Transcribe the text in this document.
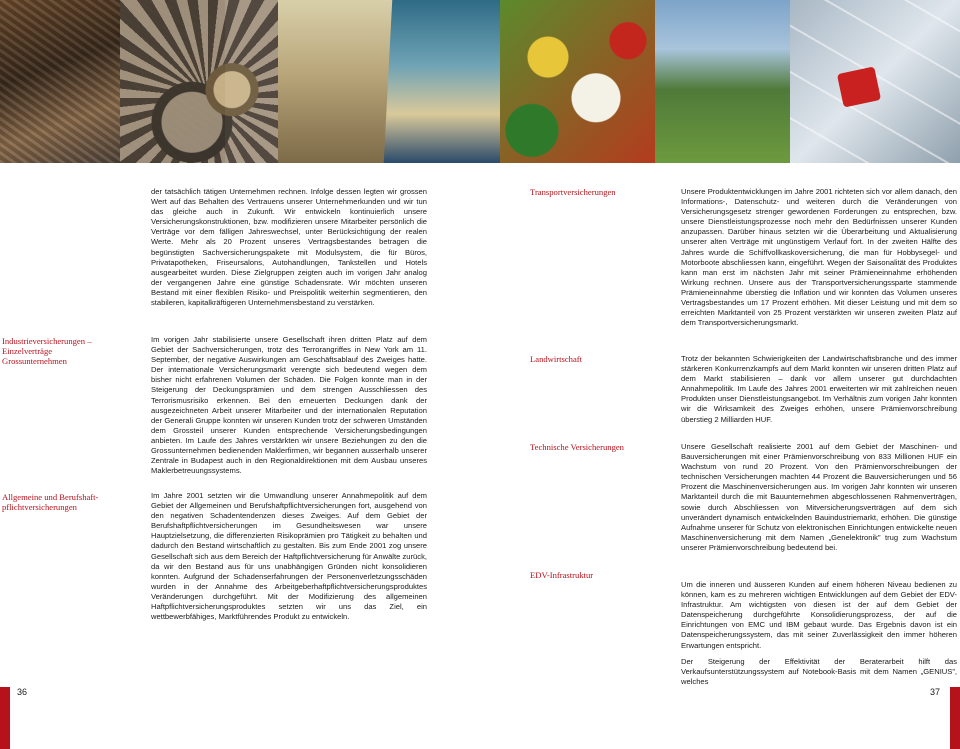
Industrieversicherungen – Einzelverträge Grossunternehmen

Allgemeine und Berufshaft-pflichtversicherungen

der tatsächlich tätigen Unternehmen rechnen. Infolge dessen legten wir grossen Wert auf das Behalten des Vertrauens unserer Unternehmerkunden und wir tun das gleiche auch in Zukunft. Wir entwickeln kontinuierlich unsere Versicherungskonstruktionen, bzw. modifizieren unsere Mitarbeiter persönlich die Verträge vor dem fälligen Jahreswechsel, unter Berücksichtigung der realen Werte. Mehr als 20 Prozent unseres Vertragsbestandes betragen die begünstigten Sachversicherungspakete mit Modulsystem, die für Büros, Privatapotheken, Friseursalons, Autohandlungen, Tankstellen und Hotels ausgearbeitet wurden. Diese Zielgruppen zeigten auch im vorigen Jahr analog der vergangenen Jahre eine günstige Schadensrate. Wir möchten unseren Bestand mit einer flexiblen Risiko- und Preispolitik weiterhin segmentieren, den stabileren, kapitalkräftigeren Unternehmensbestand zu verstärken.

Im vorigen Jahr stabilisierte unsere Gesellschaft ihren dritten Platz auf dem Gebiet der Sachversicherungen, trotz des Terrorangriffes in New York am 11. September, der negative Auswirkungen am Geschäftsablauf des Zweiges hatte. Der internationale Versicherungsmarkt verengte sich bedeutend wegen dem bisher nicht erfahrenen Volumen der Schäden. Die Folgen konnte man in der Steigerung der Deckungsprämien und dem strengen Ausschliessen des Terrorismusrisiko erkennen. Bei den erneuerten Deckungen dank der ausgezeichneten Arbeit unserer Mitarbeiter und der internationalen Reputation der Generali Gruppe konnten wir unseren Kunden trotz der schweren Umständen dem Grossteil unserer Kunden entsprechende Versicherungsbedingungen anbieten. Im Laufe des Jahres verstärkten wir unsere Beziehungen zu den die Grossunternehmen bedienenden Maklerfirmen, wir begannen ausserhalb unserer Zentrale in Budapest auch in den Regionaldirektionen mit dem Ausbau unseres Maklerbetreuungssystems.

Im Jahre 2001 setzten wir die Umwandlung unserer Annahmepolitik auf dem Gebiet der Allgemeinen und Berufshaftpflichtversicherungen fort, ausgehend von den negativen Schadentendenzen dieses Zweiges. Auf dem Gebiet der Berufshaftpflichtversicherungen im Gesundheitswesen war unsere Hauptzielsetzung, die differenzierten Risikoprämien pro Tätigkeit zu behalten und dadurch den Bestand wirtschaftlich zu gestalten. Bis zum Ende 2001 zog unsere Gesellschaft sich aus dem Bereich der Haftpflichtversicherung für Anwälte zurück, da wir den Bestand aus für uns unabhängigen Gründen nicht konsolidieren konnten. Aufgrund der Schadenserfahrungen der Personenverletzungsschäden wurden in der Annahme des Arbeitgeberhaftpflichtversicherungsproduktes Veränderungen durchgeführt. Mit der Modifizierung des allgemeinen Haftpflichtversicherungsproduktes setzten wir uns das Ziel, ein wettbewerbfähiges, Marktführendes Produkt zu entwickeln.

36

Transportversicherungen

Landwirtschaft

Technische Versicherungen

EDV-Infrastruktur

Unsere Produktentwicklungen im Jahre 2001 richteten sich vor allem danach, den Informations-, Datenschutz- und weiteren durch die Veränderungen von Versicherungsgesetz strenger gewordenen Forderungen zu entsprechen, bzw. unsere Dienstleistungsprozesse noch mehr den Bedürfnissen unserer Kunden anzupassen. Darüber hinaus setzten wir die Überarbeitung und Aktualisierung unserer alten Verträge mit ungünstigem Verlauf fort. In der zweiten Hälfte des Jahres wurde die Schiffvollkaskoversicherung, die man für Hobbysegel- und Motorboote abschliessen kann, eingeführt. Wegen der Saisonalität des Produktes kann man erst im nächsten Jahr mit seiner Prämieneinnahme erhöhenden Wirkung rechnen. Unsere aus der Transportversicherungssparte stammende Prämieneinnahme überstieg die Inflation und wir konnten das Volumen unseres Vertragsbestandes um 17 Prozent erhöhen. Mit dieser Leistung und mit dem so erreichten Marktanteil von 25 Prozent verstärkten wir unseren zweiten Platz auf dem Transportversicherungsmarkt.

Trotz der bekannten Schwierigkeiten der Landwirtschaftsbranche und des immer stärkeren Konkurrenzkampfs auf dem Markt konnten wir unseren dritten Platz auf dem Markt stabilisieren – dank vor allem unserer gut durchdachten Annahmepolitik. Im Laufe des Jahres 2001 erweiterten wir mit zahlreichen neuen Produkten unser Dienstleistungsangebot. Im Verhältnis zum vorigen Jahr konnten wir die Wirksamkeit des Zweiges erhöhen, unsere Prämienvorschreibung überstieg 2 Milliarden HUF.

Unsere Gesellschaft realisierte 2001 auf dem Gebiet der Maschinen- und Bauversicherungen mit einer Prämienvorschreibung von 833 Millionen HUF ein Wachstum von rund 20 Prozent. Von den Prämienvorschreibungen der technischen Versicherungen machten 44 Prozent die Bauversicherungen und 56 Prozent die Maschinenversicherungen aus. Im vorigen Jahr konnten wir unseren Marktanteil durch die mit Bauunternehmen abgeschlossenen Rahmenverträgen, sowie durch Abschliessen von Mitversicherungsverträgen auf dem sich unverändert dynamisch entwickelnden Bauindustriemarkt, erhöhen. Die günstige Aufnahme unserer für Schutz von elektronischen Einrichtungen entwickelte neuen Maschinenversicherung mit dem Namen „Genelektronik” trug zum Wachstum unserer Prämienvorschreibung bedeutend bei.

Um die inneren und äusseren Kunden auf einem höheren Niveau bedienen zu können, kam es zu mehreren wichtigen Entwicklungen auf dem Gebiet der EDV-Infrastruktur. Am wichtigsten von diesen ist der auf dem Gebiet der Datenspeicherung durchgeführte Konsolidierungsprozess, der auf die Einrichtungen von EMC und IBM gebaut wurde. Das Ergebnis davon ist ein Datenspeicherungssystem, das mit seiner Zuverlässigkeit den immer höheren Erwartungen entspricht.

Der Steigerung der Effektivität der Beraterarbeit hilft das Verkaufsunterstützungssystem auf Notebook-Basis mit dem Namen „GENIUS”, welches

37
